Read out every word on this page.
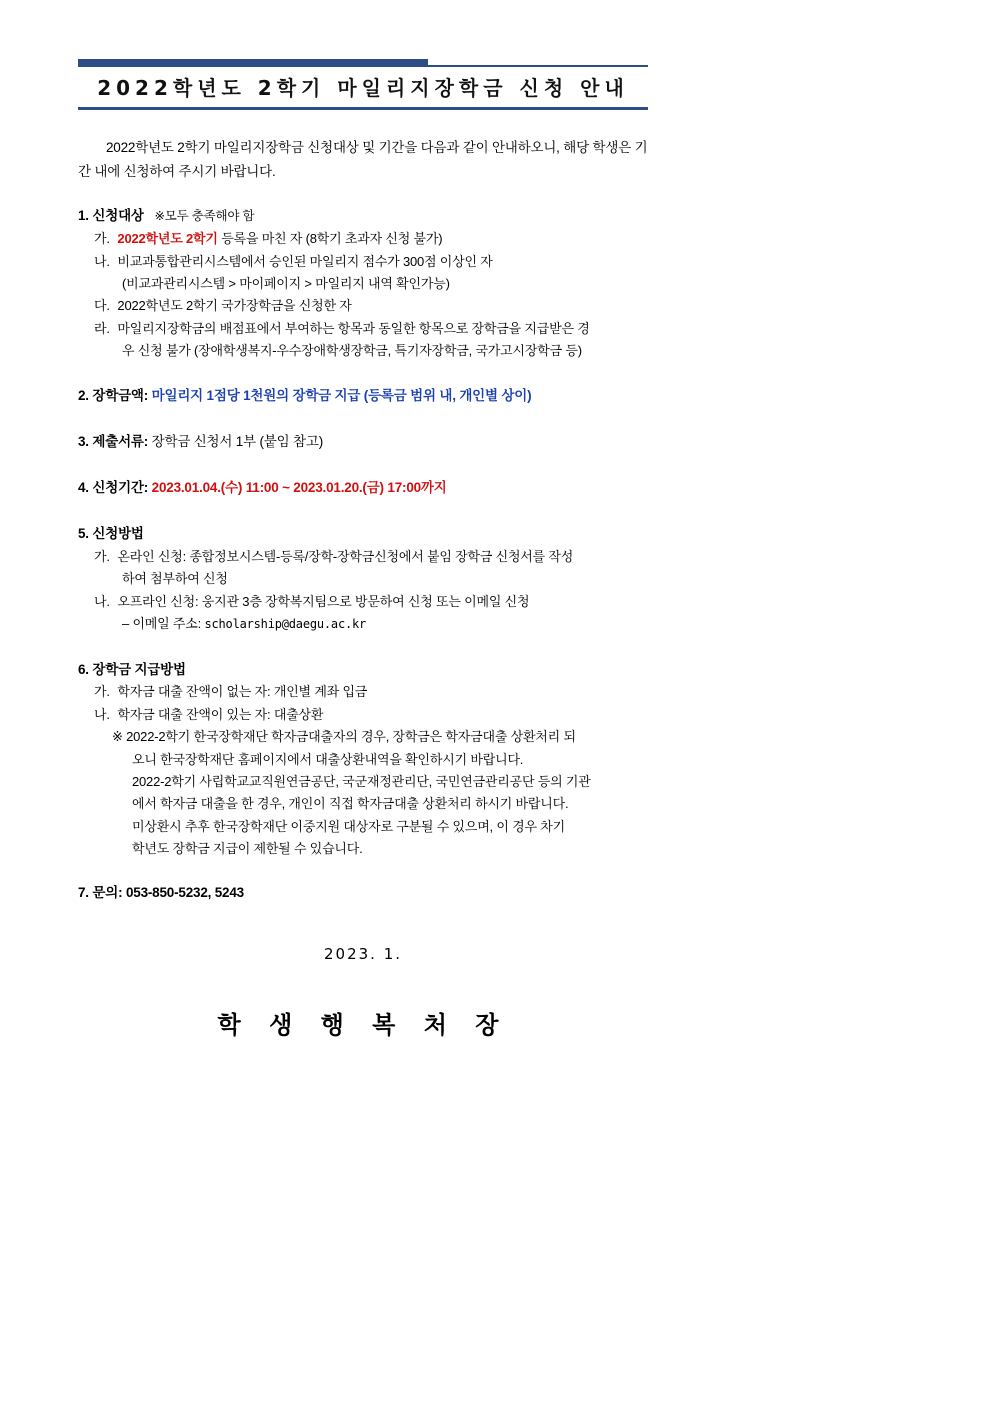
2022학년도 2학기 마일리지장학금 신청 안내
2022학년도 2학기 마일리지장학금 신청대상 및 기간을 다음과 같이 안내하오니, 해당 학생은 기간 내에 신청하여 주시기 바랍니다.
1. 신청대상 ※모두 충족해야 함
가. 2022학년도 2학기 등록을 마친 자 (8학기 초과자 신청 불가)
나. 비교과통합관리시스템에서 승인된 마일리지 점수가 300점 이상인 자
(비교과관리시스템 > 마이페이지 > 마일리지 내역 확인가능)
다. 2022학년도 2학기 국가장학금을 신청한 자
라. 마일리지장학금의 배점표에서 부여하는 항목과 동일한 항목으로 장학금을 지급받은 경
우 신청 불가 (장애학생복지-우수장애학생장학금, 특기자장학금, 국가고시장학금 등)
2. 장학금액: 마일리지 1점당 1천원의 장학금 지급 (등록금 범위 내, 개인별 상이)
3. 제출서류: 장학금 신청서 1부 (붙임 참고)
4. 신청기간: 2023.01.04.(수) 11:00 ~ 2023.01.20.(금) 17:00까지
5. 신청방법
가. 온라인 신청: 종합정보시스템-등록/장학-장학금신청에서 붙임 장학금 신청서를 작성
하여 첨부하여 신청
나. 오프라인 신청: 웅지관 3층 장학복지팀으로 방문하여 신청 또는 이메일 신청
– 이메일 주소: scholarship@daegu.ac.kr
6. 장학금 지급방법
가. 학자금 대출 잔액이 없는 자: 개인별 계좌 입금
나. 학자금 대출 잔액이 있는 자: 대출상환
※ 2022-2학기 한국장학재단 학자금대출자의 경우, 장학금은 학자금대출 상환처리 되
오니 한국장학재단 홈페이지에서 대출상환내역을 확인하시기 바랍니다.
2022-2학기 사립학교교직원연금공단, 국군재정관리단, 국민연금관리공단 등의 기관
에서 학자금 대출을 한 경우, 개인이 직접 학자금대출 상환처리 하시기 바랍니다.
미상환시 추후 한국장학재단 이중지원 대상자로 구분될 수 있으며, 이 경우 차기
학년도 장학금 지급이 제한될 수 있습니다.
7. 문의: 053-850-5232, 5243
2023. 1.
학 생 행 복 처 장
